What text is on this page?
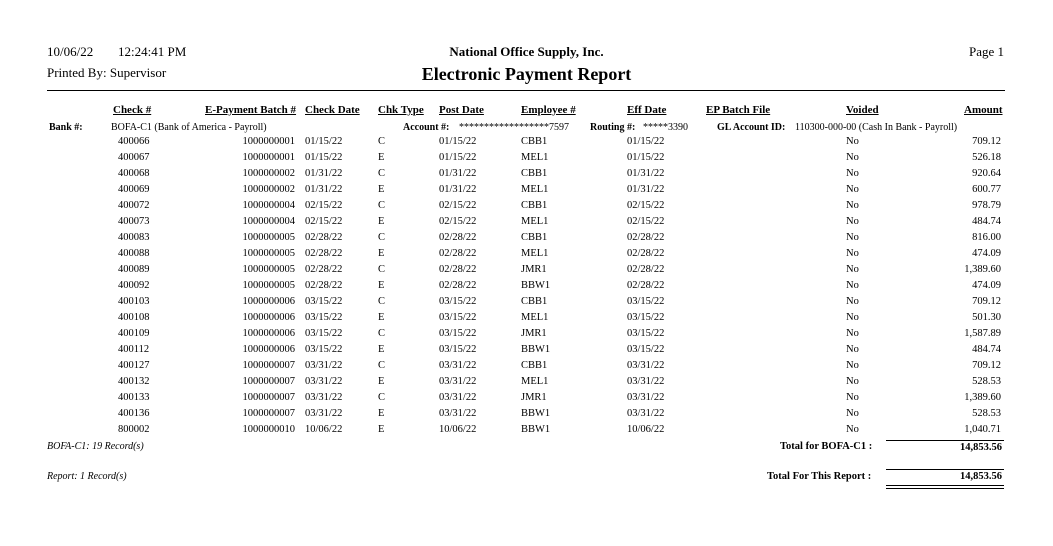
10/06/22 12:24:41 PM	National Office Supply, Inc.	Page 1
Printed By: Supervisor	Electronic Payment Report
Check #	E-Payment Batch # Check Date Chk Type Post Date	Employee #	Eff Date	EP Batch File	Voided	Amount
Bank #:	BOFA-C1 (Bank of America - Payroll)	Account #: ******************7597 Routing #: *****3390	GL Account ID: 110300-000-00 (Cash In Bank - Payroll)
400066	1000000001 01/15/22	C	01/15/22	CBB1	01/15/22	No	709.12
400067	1000000001 01/15/22	E	01/15/22	MEL1	01/15/22	No	526.18
400068	1000000002 01/31/22	C	01/31/22	CBB1	01/31/22	No	920.64
400069	1000000002 01/31/22	E	01/31/22	MEL1	01/31/22	No	600.77
400072	1000000004 02/15/22	C	02/15/22	CBB1	02/15/22	No	978.79
400073	1000000004 02/15/22	E	02/15/22	MEL1	02/15/22	No	484.74
400083	1000000005 02/28/22	C	02/28/22	CBB1	02/28/22	No	816.00
400088	1000000005 02/28/22	E	02/28/22	MEL1	02/28/22	No	474.09
400089	1000000005 02/28/22	C	02/28/22	JMR1	02/28/22	No	1,389.60
400092	1000000005 02/28/22	E	02/28/22	BBW1	02/28/22	No	474.09
400103	1000000006 03/15/22	C	03/15/22	CBB1	03/15/22	No	709.12
400108	1000000006 03/15/22	E	03/15/22	MEL1	03/15/22	No	501.30
400109	1000000006 03/15/22	C	03/15/22	JMR1	03/15/22	No	1,587.89
400112	1000000006 03/15/22	E	03/15/22	BBW1	03/15/22	No	484.74
400127	1000000007 03/31/22	C	03/31/22	CBB1	03/31/22	No	709.12
400132	1000000007 03/31/22	E	03/31/22	MEL1	03/31/22	No	528.53
400133	1000000007 03/31/22	C	03/31/22	JMR1	03/31/22	No	1,389.60
400136	1000000007 03/31/22	E	03/31/22	BBW1	03/31/22	No	528.53
800002	1000000010 10/06/22	E	10/06/22	BBW1	10/06/22	No	1,040.71
BOFA-C1: 19 Record(s)	Total for BOFA-C1 :	14,853.56
Report: 1 Record(s)	Total For This Report :	14,853.56
